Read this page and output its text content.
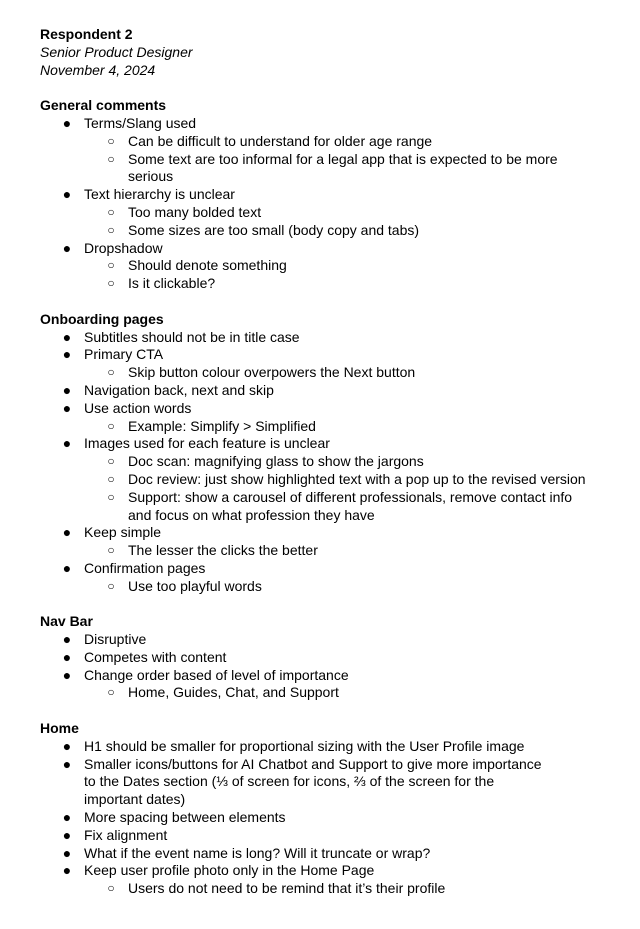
Respondent 2
Senior Product Designer
November 4, 2024
General comments
● Terms/Slang used
○ Can be difficult to understand for older age range
○ Some text are too informal for a legal app that is expected to be more serious
● Text hierarchy is unclear
○ Too many bolded text
○ Some sizes are too small (body copy and tabs)
● Dropshadow
○ Should denote something
○ Is it clickable?
Onboarding pages
● Subtitles should not be in title case
● Primary CTA
○ Skip button colour overpowers the Next button
● Navigation back, next and skip
● Use action words
○ Example: Simplify > Simplified
● Images used for each feature is unclear
○ Doc scan: magnifying glass to show the jargons
○ Doc review: just show highlighted text with a pop up to the revised version
○ Support: show a carousel of different professionals, remove contact info and focus on what profession they have
● Keep simple
○ The lesser the clicks the better
● Confirmation pages
○ Use too playful words
Nav Bar
● Disruptive
● Competes with content
● Change order based of level of importance
○ Home, Guides, Chat, and Support
Home
● H1 should be smaller for proportional sizing with the User Profile image
● Smaller icons/buttons for AI Chatbot and Support to give more importance to the Dates section (⅓ of screen for icons, ⅔ of the screen for the important dates)
● More spacing between elements
● Fix alignment
● What if the event name is long? Will it truncate or wrap?
● Keep user profile photo only in the Home Page
○ Users do not need to be remind that it’s their profile
